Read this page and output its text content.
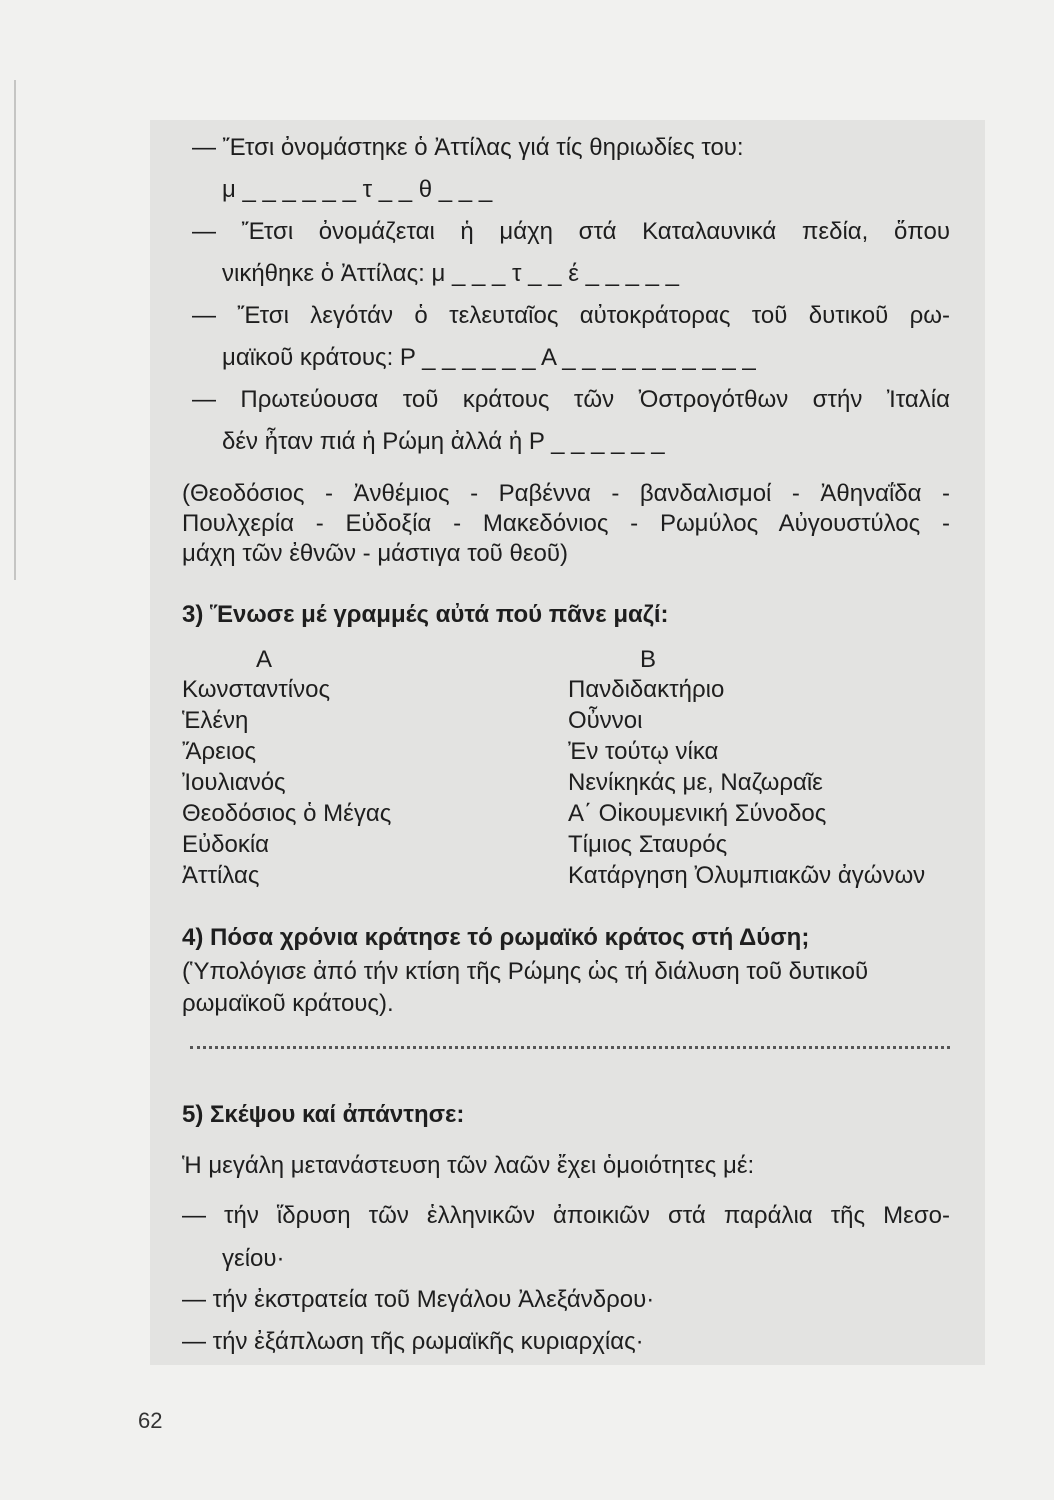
— Ἔτσι ὀνομάστηκε ὁ Ἀττίλας γιά τίς θηριωδίες του:
μ _ _ _ _ _ _ τ _ _ θ _ _ _
— Ἔτσι ὀνομάζεται ἡ μάχη στά Καταλαυνικά πεδία, ὅπου
νικήθηκε ὁ Ἀττίλας: μ _ _ _ τ _ _ έ _ _ _ _ _
— Ἔτσι λεγότάν ὁ τελευταῖος αὐτοκράτορας τοῦ δυτικοῦ ρω-
μαϊκοῦ κράτους: Ρ _ _ _ _ _ _ Α _ _ _ _ _ _ _ _ _ _
— Πρωτεύουσα τοῦ κράτους τῶν Ὀστρογότθων στήν Ἰταλία
δέν ἦταν πιά ἡ Ρώμη ἀλλά ἡ Ρ _ _ _ _ _ _
(Θεοδόσιος - Ἀνθέμιος - Ραβέννα - βανδαλισμοί - Ἀθηναΐδα -
Πουλχερία - Εὐδοξία - Μακεδόνιος - Ρωμύλος Αὐγουστύλος -
μάχη τῶν ἐθνῶν - μάστιγα τοῦ θεοῦ)
3) Ἕνωσε μέ γραμμές αὐτά πού πᾶνε μαζί:
A	B
Κωνσταντίνος
Ἑλένη
Ἄρειος
Ἰουλιανός
Θεοδόσιος ὁ Μέγας
Εὐδοκία
Ἀττίλας
Πανδιδακτήριο
Οὖννοι
Ἐν τούτῳ νίκα
Νενίκηκάς με, Ναζωραῖε
Α΄ Οἰκουμενική Σύνοδος
Τίμιος Σταυρός
Κατάργηση Ὀλυμπιακῶν ἀγώνων
4) Πόσα χρόνια κράτησε τό ρωμαϊκό κράτος στή Δύση;
(Ὑπολόγισε ἀπό τήν κτίση τῆς Ρώμης ὡς τή διάλυση τοῦ δυτικοῦ
ρωμαϊκοῦ κράτους).
5) Σκέψου καί ἀπάντησε:
Ἡ μεγάλη μετανάστευση τῶν λαῶν ἔχει ὁμοιότητες μέ:
— τήν ἵδρυση τῶν ἑλληνικῶν ἀποικιῶν στά παράλια τῆς Μεσο-
γείου·
— τήν ἐκστρατεία τοῦ Μεγάλου Ἀλεξάνδρου·
— τήν ἐξάπλωση τῆς ρωμαϊκῆς κυριαρχίας·
62
